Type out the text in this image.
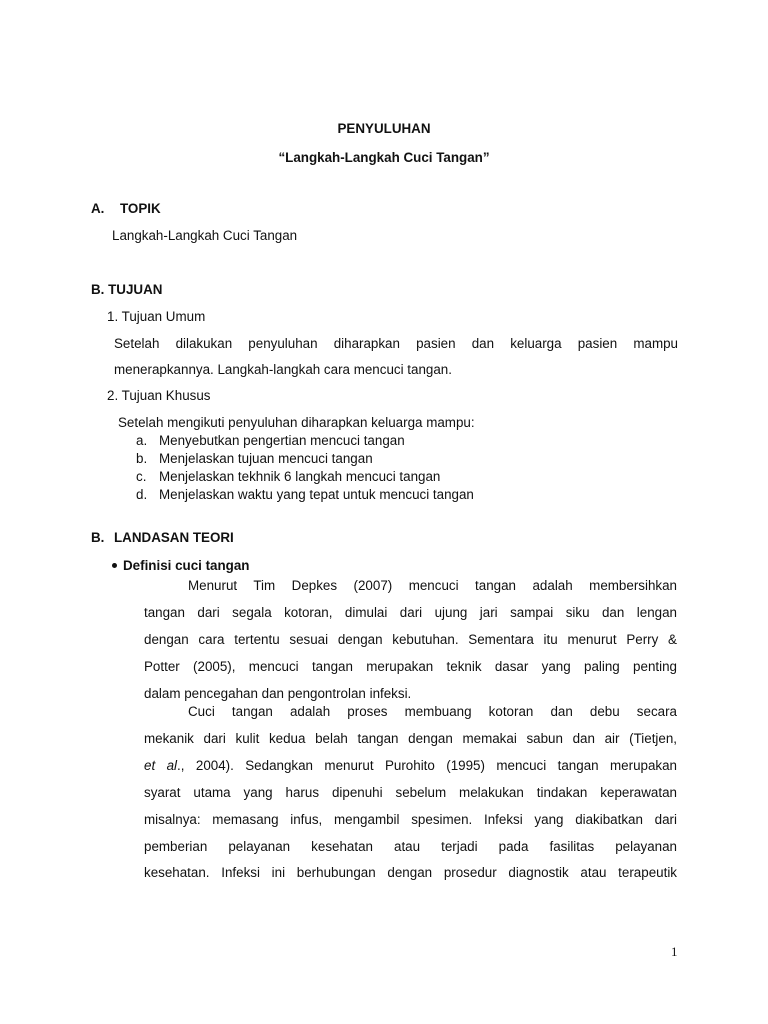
PENYULUHAN
“Langkah-Langkah Cuci Tangan”
A. TOPIK
Langkah-Langkah Cuci Tangan
B. TUJUAN
1. Tujuan Umum
Setelah dilakukan penyuluhan diharapkan pasien dan keluarga pasien mampu
menerapkannya. Langkah-langkah cara mencuci tangan.
2. Tujuan Khusus
Setelah mengikuti penyuluhan diharapkan keluarga mampu:
a. Menyebutkan pengertian mencuci tangan
b. Menjelaskan tujuan mencuci tangan
c. Menjelaskan tekhnik 6 langkah mencuci tangan
d. Menjelaskan waktu yang tepat untuk mencuci tangan
B. LANDASAN TEORI
Definisi cuci tangan
Menurut Tim Depkes (2007) mencuci tangan adalah membersihkan
tangan dari segala kotoran, dimulai dari ujung jari sampai siku dan lengan
dengan cara tertentu sesuai dengan kebutuhan. Sementara itu menurut Perry &
Potter (2005), mencuci tangan merupakan teknik dasar yang paling penting
dalam pencegahan dan pengontrolan infeksi.
Cuci tangan adalah proses membuang kotoran dan debu secara
mekanik dari kulit kedua belah tangan dengan memakai sabun dan air (Tietjen,
et al., 2004). Sedangkan menurut Purohito (1995) mencuci tangan merupakan
syarat utama yang harus dipenuhi sebelum melakukan tindakan keperawatan
misalnya: memasang infus, mengambil spesimen. Infeksi yang diakibatkan dari
pemberian pelayanan kesehatan atau terjadi pada fasilitas pelayanan
kesehatan. Infeksi ini berhubungan dengan prosedur diagnostik atau terapeutik
1
